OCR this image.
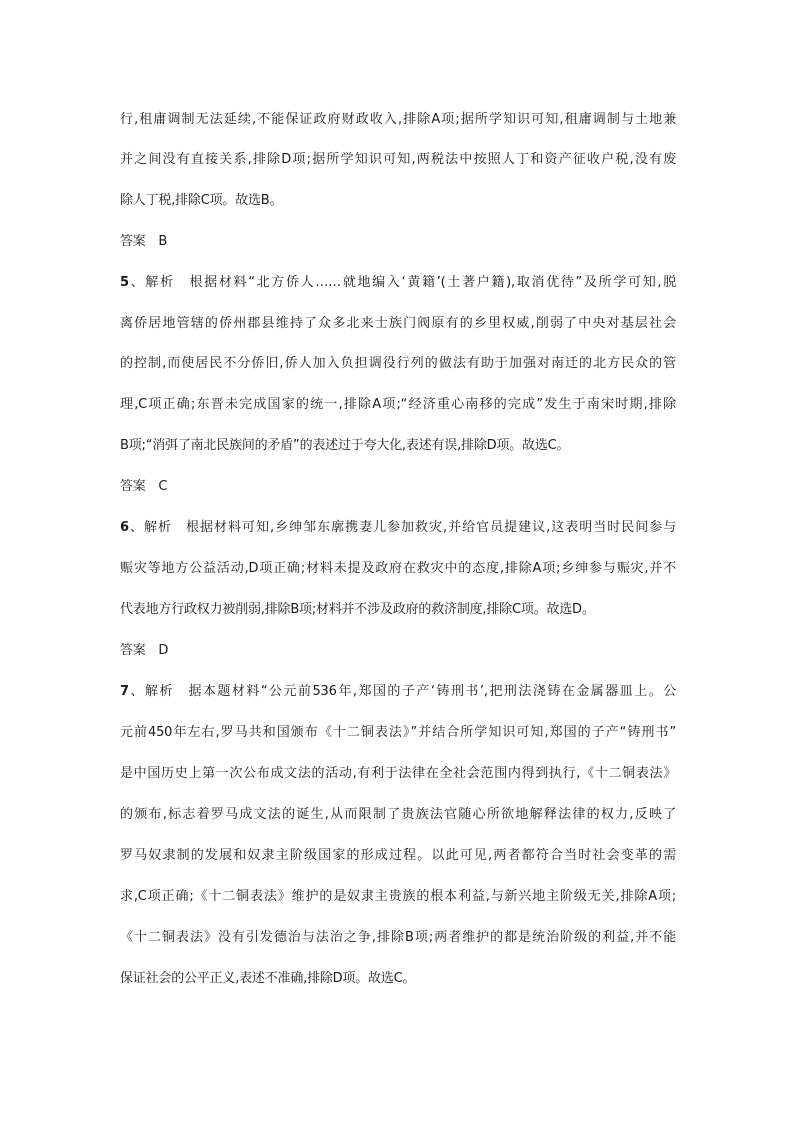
行,租庸调制无法延续,不能保证政府财政收入,排除A项;据所学知识可知,租庸调制与土地兼
并之间没有直接关系,排除D项;据所学知识可知,两税法中按照人丁和资产征收户税,没有废
除人丁税,排除C项。故选B。
答案　B
5、解析　根据材料“北方侨人……就地编入‘黄籍’(土著户籍),取消优待”及所学可知,脱
离侨居地管辖的侨州郡县维持了众多北来士族门阀原有的乡里权威,削弱了中央对基层社会
的控制,而使居民不分侨旧,侨人加入负担调役行列的做法有助于加强对南迁的北方民众的管
理,C项正确;东晋未完成国家的统一,排除A项;“经济重心南移的完成”发生于南宋时期,排除
B项;“消弭了南北民族间的矛盾”的表述过于夸大化,表述有误,排除D项。故选C。
答案　C
6、解析　根据材料可知,乡绅邹东廓携妻儿参加救灾,并给官员提建议,这表明当时民间参与
赈灾等地方公益活动,D项正确;材料未提及政府在救灾中的态度,排除A项;乡绅参与赈灾,并不
代表地方行政权力被削弱,排除B项;材料并不涉及政府的救济制度,排除C项。故选D。
答案　D
7、解析　据本题材料“公元前536年,郑国的子产‘铸刑书’,把刑法浇铸在金属器皿上。公
元前450年左右,罗马共和国颁布《十二铜表法》”并结合所学知识可知,郑国的子产“铸刑书”
是中国历史上第一次公布成文法的活动,有利于法律在全社会范围内得到执行,《十二铜表法》
的颁布,标志着罗马成文法的诞生,从而限制了贵族法官随心所欲地解释法律的权力,反映了
罗马奴隶制的发展和奴隶主阶级国家的形成过程。以此可见,两者都符合当时社会变革的需
求,C项正确;《十二铜表法》维护的是奴隶主贵族的根本利益,与新兴地主阶级无关,排除A项;
《十二铜表法》没有引发德治与法治之争,排除B项;两者维护的都是统治阶级的利益,并不能
保证社会的公平正义,表述不准确,排除D项。故选C。
